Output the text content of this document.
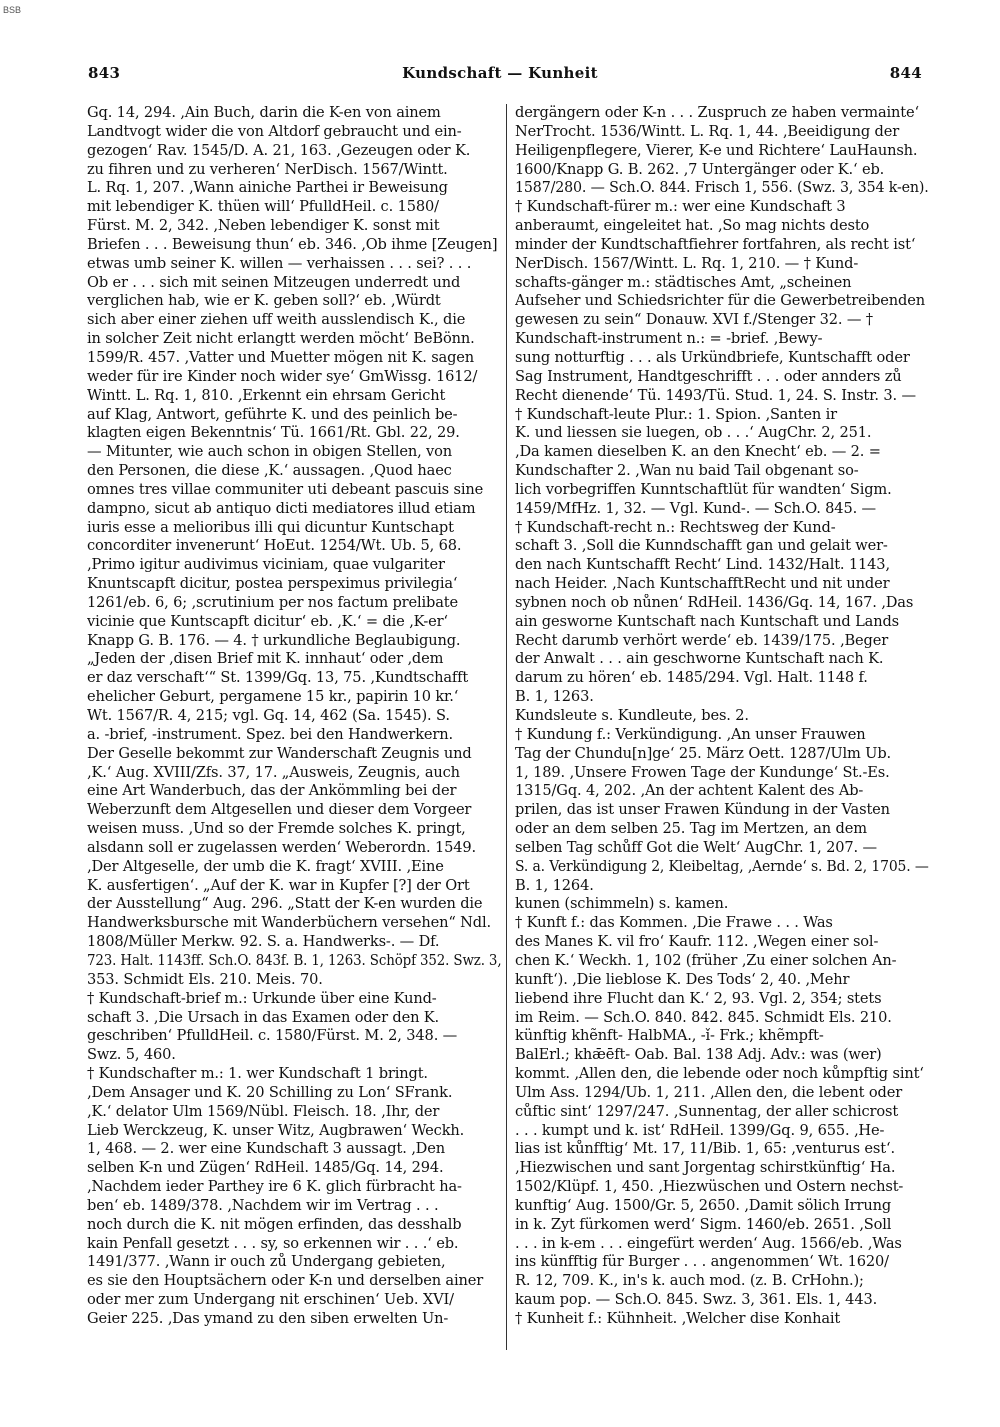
BSB
843	Kundschaft — Kunheit	844
Gq. 14, 294. ‚Ain Buch, darin die K-en von ainem
Landtvogt wider die von Altdorf gebraucht und ein-
gezogen‘ Rav. 1545/D. A. 21, 163. ‚Gezeugen oder K.
zu fihren und zu verheren‘ NerDisch. 1567/Wintt.
L. Rq. 1, 207. ‚Wann ainiche Parthei ir Beweisung
mit lebendiger K. thüen will‘ PfulldHeil. c. 1580/
Fürst. M. 2, 342. ‚Neben lebendiger K. sonst mit
Briefen . . . Beweisung thun‘ eb. 346. ‚Ob ihme [Zeugen]
etwas umb seiner K. willen — verhaissen . . . sei? . . .
Ob er . . . sich mit seinen Mitzeugen underredt und
verglichen hab, wie er K. geben soll?‘ eb. ‚Würdt
sich aber einer ziehen uff weith ausslendisch K., die
in solcher Zeit nicht erlangtt werden möcht‘ BeBönn.
1599/R. 457. ‚Vatter und Muetter mögen nit K. sagen
weder für ire Kinder noch wider sye‘ GmWissg. 1612/
Wintt. L. Rq. 1, 810. ‚Erkennt ein ehrsam Gericht
auf Klag, Antwort, geführte K. und des peinlich be-
klagten eigen Bekenntnis‘ Tü. 1661/Rt. Gbl. 22, 29.
— Mitunter, wie auch schon in obigen Stellen, von
den Personen, die diese ‚K.‘ aussagen. ‚Quod haec
omnes tres villae communiter uti debeant pascuis sine
dampno, sicut ab antiquo dicti mediatores illud etiam
iuris esse a melioribus illi qui dicuntur Kuntschapt
concorditer invenerunt‘ HoEut. 1254/Wt. Ub. 5, 68.
‚Primo igitur audivimus viciniam, quae vulgariter
Knuntscapft dicitur, postea perspeximus privilegia‘
1261/eb. 6, 6; ‚scrutinium per nos factum prelibate
vicinie que Kuntscapft dicitur‘ eb. ‚K.‘ = die ‚K-er‘
Knapp G. B. 176. — 4. † urkundliche Beglaubigung.
„Jeden der ‚disen Brief mit K. innhaut‘ oder ‚dem
er daz verschaft‘“ St. 1399/Gq. 13, 75. ‚Kundtschafft
ehelicher Geburt, pergamene 15 kr., papirin 10 kr.‘
Wt. 1567/R. 4, 215; vgl. Gq. 14, 462 (Sa. 1545). S.
a. -brief, -instrument. Spez. bei den Handwerkern.
Der Geselle bekommt zur Wanderschaft Zeugnis und
‚K.‘ Aug. XVIII/Zfs. 37, 17. „Ausweis, Zeugnis, auch
eine Art Wanderbuch, das der Ankömmling bei der
Weberzunft dem Altgesellen und dieser dem Vorgeer
weisen muss. ‚Und so der Fremde solches K. pringt,
alsdann soll er zugelassen werden‘ Weberordn. 1549.
‚Der Altgeselle, der umb die K. fragt‘ XVIII. ‚Eine
K. ausfertigen‘. „Auf der K. war in Kupfer [?] der Ort
der Ausstellung“ Aug. 296. „Statt der K-en wurden die
Handwerksbursche mit Wanderbüchern versehen“ Ndl.
1808/Müller Merkw. 92. S. a. Handwerks-. — Df.
723. Halt. 1143ff. Sch.O. 843f. B. 1, 1263. Schöpf 352. Swz. 3,
353. Schmidt Els. 210. Meis. 70.
† Kundschaft-brief m.: Urkunde über eine Kund-
schaft 3. ‚Die Ursach in das Examen oder den K.
geschriben‘ PfulldHeil. c. 1580/Fürst. M. 2, 348. —
Swz. 5, 460.
† Kundschafter m.: 1. wer Kundschaft 1 bringt.
‚Dem Ansager und K. 20 Schilling zu Lon‘ SFrank.
‚K.‘ delator Ulm 1569/Nübl. Fleisch. 18. ‚Ihr, der
Lieb Werckzeug, K. unser Witz, Augbrawen‘ Weckh.
1, 468. — 2. wer eine Kundschaft 3 aussagt. ‚Den
selben K-n und Zügen‘ RdHeil. 1485/Gq. 14, 294.
‚Nachdem ieder Parthey ire 6 K. glich fürbracht ha-
ben‘ eb. 1489/378. ‚Nachdem wir im Vertrag . . .
noch durch die K. nit mögen erfinden, das desshalb
kain Penfall gesetzt . . . sy, so erkennen wir . . .‘ eb.
1491/377. ‚Wann ir ouch zů Undergang gebieten,
es sie den Houptsächern oder K-n und derselben ainer
oder mer zum Undergang nit erschinen‘ Ueb. XVI/
Geier 225. ‚Das ymand zu den siben erwelten Un-
dergängern oder K-n . . . Zuspruch ze haben vermainte‘
NerTrocht. 1536/Wintt. L. Rq. 1, 44. ‚Beeidigung der
Heiligenpflegere, Vierer, K-e und Richtere‘ LauHaunsh.
1600/Knapp G. B. 262. ‚7 Untergänger oder K.‘ eb.
1587/280. — Sch.O. 844. Frisch 1, 556. (Swz. 3, 354 k-en).
† Kundschaft-fürer m.: wer eine Kundschaft 3
anberaumt, eingeleitet hat. ‚So mag nichts desto
minder der Kundtschaftfiehrer fortfahren, als recht ist‘
NerDisch. 1567/Wintt. L. Rq. 1, 210. — † Kund-
schafts-gänger m.: städtisches Amt, „scheinen
Aufseher und Schiedsrichter für die Gewerbetreibenden
gewesen zu sein“ Donauw. XVI f./Stenger 32. — †
Kundschaft-instrument n.: = -brief. ‚Bewy-
sung notturftig . . . als Urkündbriefe, Kuntschafft oder
Sag Instrument, Handtgeschrifft . . . oder annders zů
Recht dienende‘ Tü. 1493/Tü. Stud. 1, 24. S. Instr. 3. —
† Kundschaft-leute Plur.: 1. Spion. ‚Santen ir
K. und liessen sie luegen, ob . . .‘ AugChr. 2, 251.
‚Da kamen dieselben K. an den Knecht‘ eb. — 2. =
Kundschafter 2. ‚Wan nu baid Tail obgenant so-
lich vorbegriffen Kunntschaftlüt für wandten‘ Sigm.
1459/MfHz. 1, 32. — Vgl. Kund-. — Sch.O. 845. —
† Kundschaft-recht n.: Rechtsweg der Kund-
schaft 3. ‚Soll die Kunndschafft gan und gelait wer-
den nach Kuntschafft Recht‘ Lind. 1432/Halt. 1143,
nach Heider. ‚Nach KuntschafftRecht und nit under
sybnen noch ob nůnen‘ RdHeil. 1436/Gq. 14, 167. ‚Das
ain gesworne Kuntschaft nach Kuntschaft und Lands
Recht darumb verhört werde‘ eb. 1439/175. ‚Beger
der Anwalt . . . ain geschworne Kuntschaft nach K.
darum zu hören‘ eb. 1485/294. Vgl. Halt. 1148 f.
B. 1, 1263.
Kundsleute s. Kundleute, bes. 2.
† Kundung f.: Verkündigung. ‚An unser Frauwen
Tag der Chundu[n]ge‘ 25. März Oett. 1287/Ulm Ub.
1, 189. ‚Unsere Frowen Tage der Kundunge‘ St.-Es.
1315/Gq. 4, 202. ‚An der achtent Kalent des Ab-
prilen, das ist unser Frawen Kündung in der Vasten
oder an dem selben 25. Tag im Mertzen, an dem
selben Tag schůff Got die Welt‘ AugChr. 1, 207. —
S. a. Verkündigung 2, Kleibeltag, ‚Aernde‘ s. Bd. 2, 1705. —
B. 1, 1264.
kunen (schimmeln) s. kamen.
† Kunft f.: das Kommen. ‚Die Frawe . . . Was
des Manes K. vil fro‘ Kaufr. 112. ‚Wegen einer sol-
chen K.‘ Weckh. 1, 102 (früher ‚Zu einer solchen An-
kunft‘). ‚Die lieblose K. Des Tods‘ 2, 40. ‚Mehr
liebend ihre Flucht dan K.‘ 2, 93. Vgl. 2, 354; stets
im Reim. — Sch.O. 840. 842. 845. Schmidt Els. 210.
künftig khẽnft- HalbMA., -ǐ- Frk.; khẽmpft-
BalErl.; khǣēft- Oab. Bal. 138 Adj. Adv.: was (wer)
kommt. ‚Allen den, die lebende oder noch kůmpftig sint‘
Ulm Ass. 1294/Ub. 1, 211. ‚Allen den, die lebent oder
cůftic sint‘ 1297/247. ‚Sunnentag, der aller schicrost
. . . kumpt und k. ist‘ RdHeil. 1399/Gq. 9, 655. ‚He-
lias ist kůnfftig‘ Mt. 17, 11/Bib. 1, 65: ‚venturus est‘.
‚Hiezwischen und sant Jorgentag schirstkünftig‘ Ha.
1502/Klüpf. 1, 450. ‚Hiezwüschen und Ostern nechst-
kunftig‘ Aug. 1500/Gr. 5, 2650. ‚Damit sölich Irrung
in k. Zyt fürkomen werd‘ Sigm. 1460/eb. 2651. ‚Soll
. . . in k-em . . . eingefürt werden‘ Aug. 1566/eb. ‚Was
ins künfftig für Burger . . . angenommen‘ Wt. 1620/
R. 12, 709. K., in's k. auch mod. (z. B. CrHohn.);
kaum pop. — Sch.O. 845. Swz. 3, 361. Els. 1, 443.
† Kunheit f.: Kühnheit. ‚Welcher dise Konhait
